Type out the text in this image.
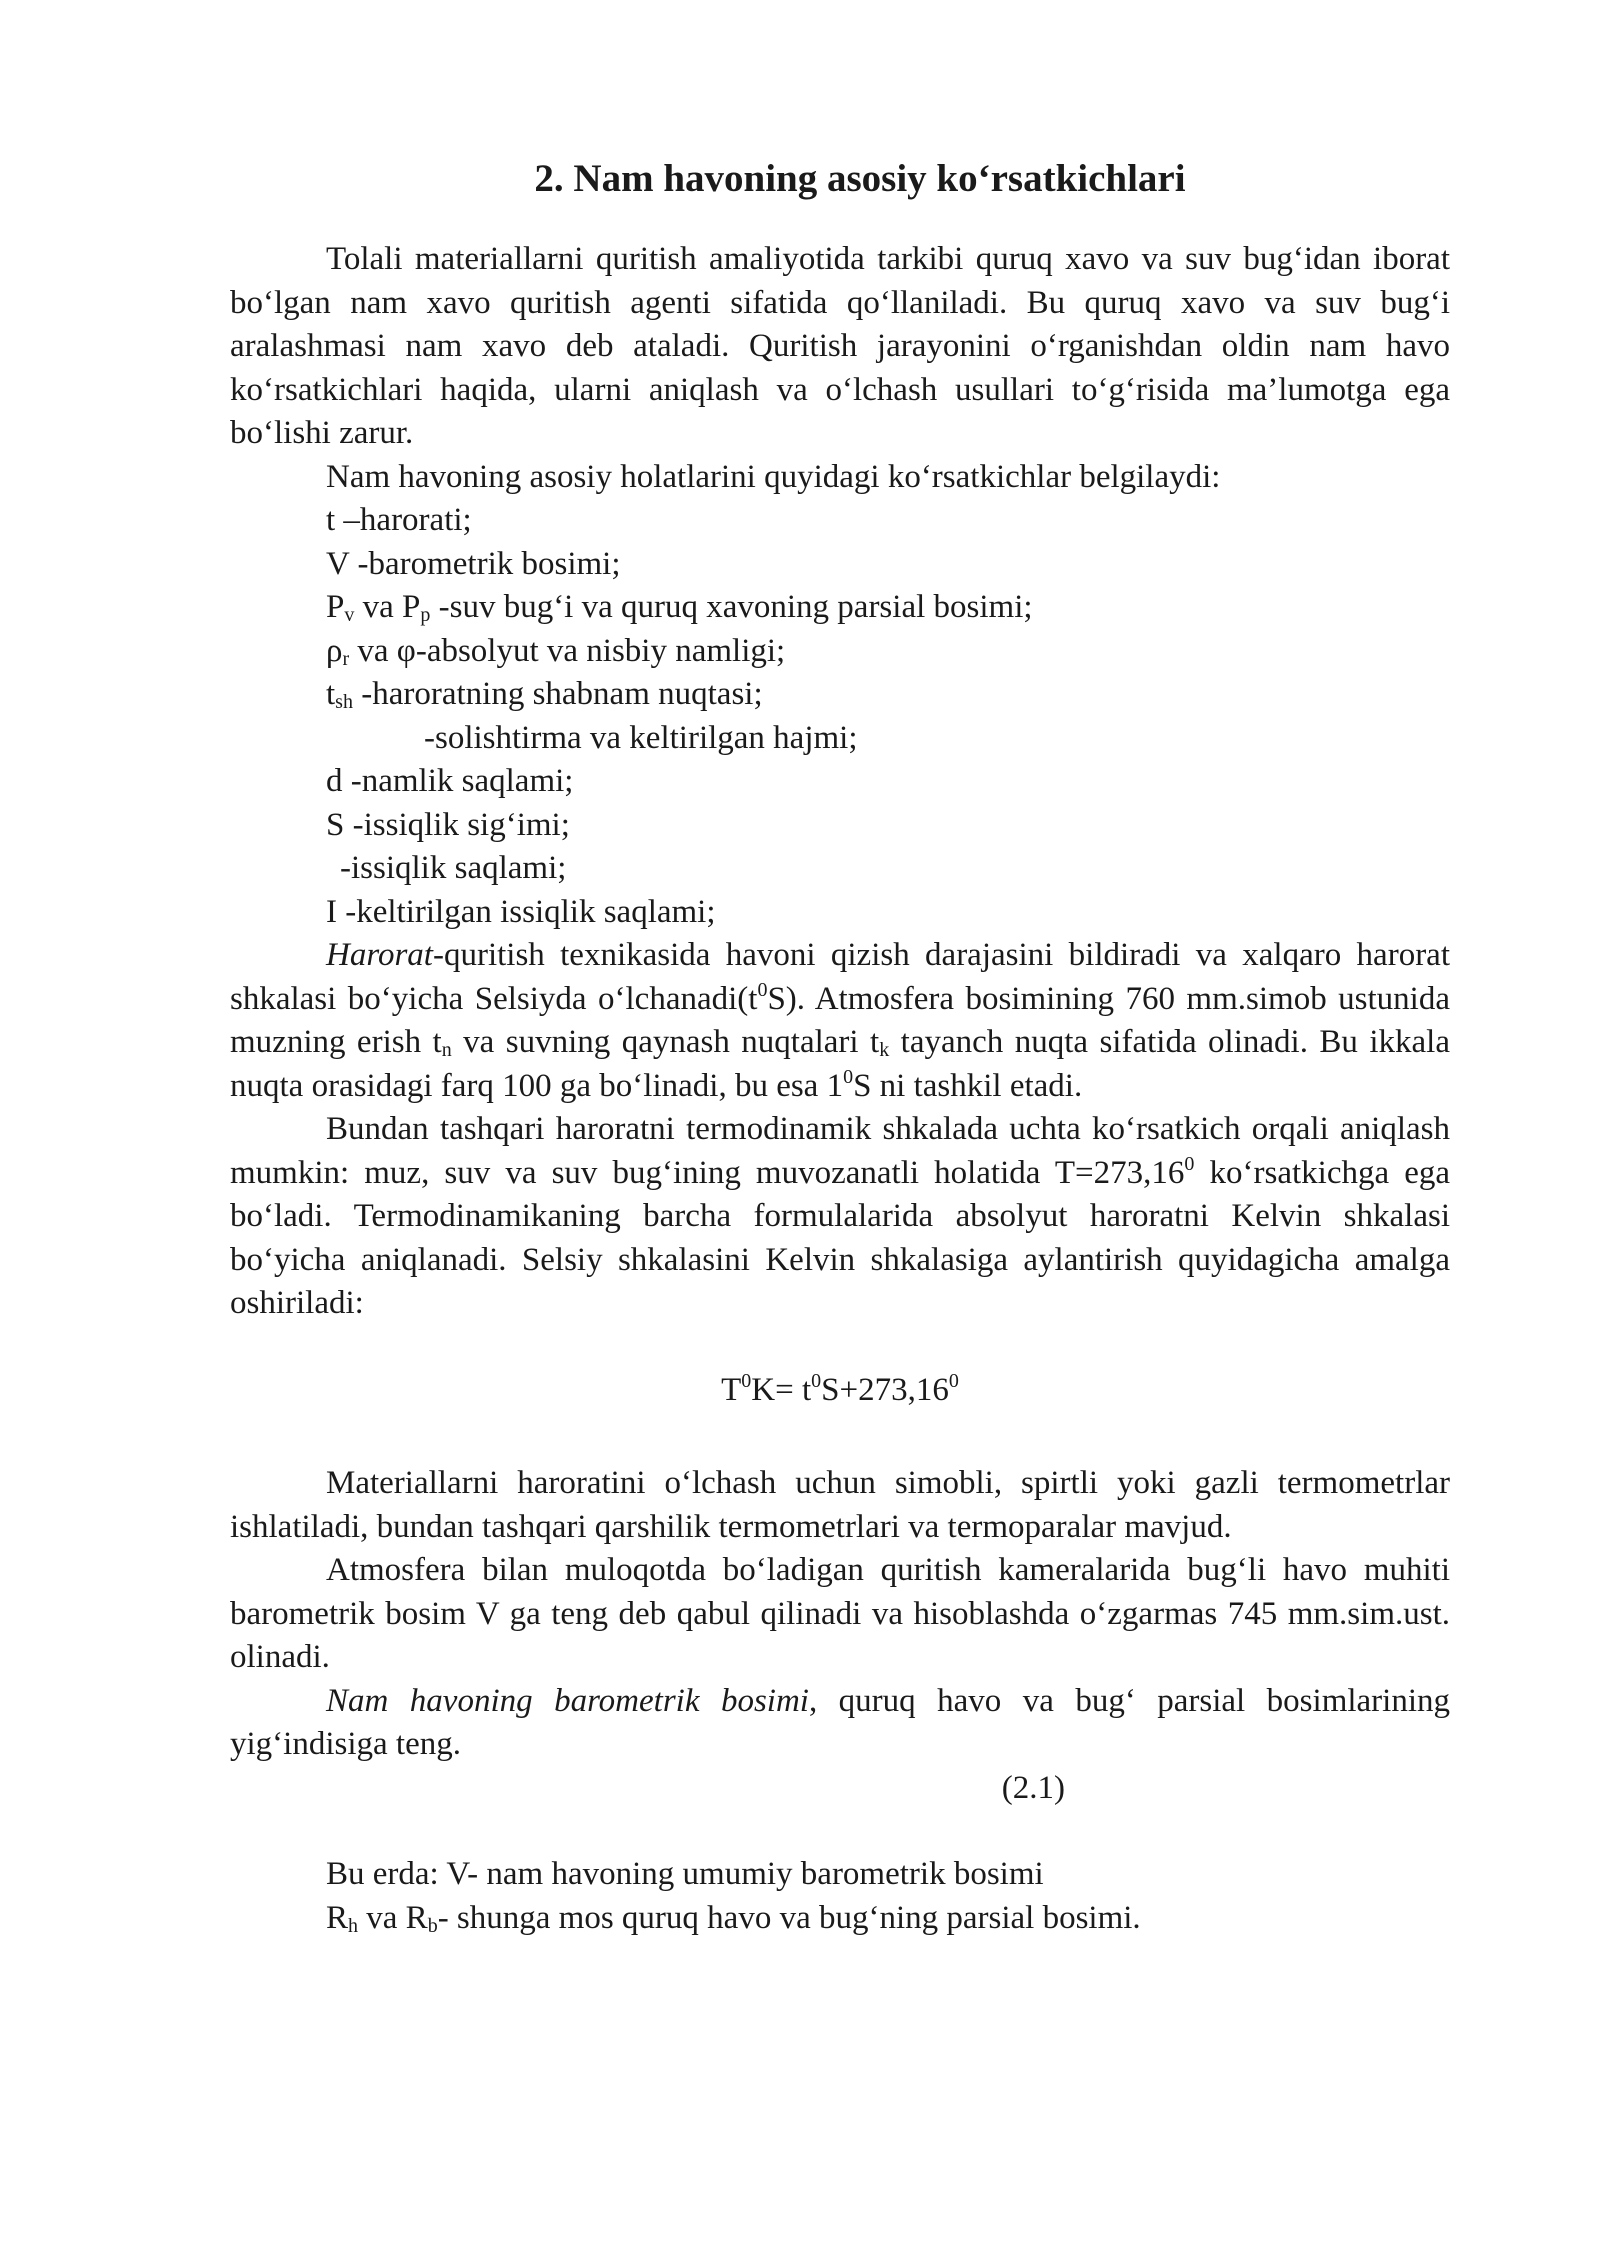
2. Nam havoning asosiy ko‘rsatkichlari

Tolali materiallarni quritish amaliyotida tarkibi quruq xavo va suv bug‘idan iborat bo‘lgan nam xavo quritish agenti sifatida qo‘llaniladi. Bu quruq xavo va suv bug‘i aralashmasi nam xavo deb ataladi. Quritish jarayonini o‘rganishdan oldin nam havo ko‘rsatkichlari haqida, ularni aniqlash va o‘lchash usullari to‘g‘risida ma’lumotga ega bo‘lishi zarur.

Nam havoning asosiy holatlarini quyidagi ko‘rsatkichlar belgilaydi:
t –harorati;
V -barometrik bosimi;
$P_v$ va $P_p$ -suv bug‘i va quruq xavoning parsial bosimi;
$\rho_r$ va φ-absolyut va nisbiy namligi;
$t_{sh}$ -haroratning shabnam nuqtasi;
-solishtirma va keltirilgan hajmi;
d -namlik saqlami;
S -issiqlik sig‘imi;
-issiqlik saqlami;
I -keltirilgan issiqlik saqlami;

Harorat-quritish texnikasida havoni qizish darajasini bildiradi va xalqaro harorat shkalasi bo‘yicha Selsiyda $o‘lchanadi(t^0S)$. Atmosfera bosimining 760 mm.simob ustunida muzning erish $t_n$ va suvning qaynash nuqtalari $t_k$ tayanch nuqta sifatida olinadi. Bu ikkala nuqta orasidagi farq 100 ga bo‘linadi, bu esa $1^0S$ ni tashkil etadi.

Bundan tashqari haroratni termodinamik shkalada uchta ko‘rsatkich orqali aniqlash mumkin: muz, suv va suv bug‘ining muvozanatli holatida $T=273,16^0$ ko‘rsatkichga ega bo‘ladi. Termodinamikaning barcha formulalarida absolyut haroratni Kelvin shkalasi bo‘yicha aniqlanadi. Selsiy shkalasini Kelvin shkalasiga aylantirish quyidagicha amalga oshiriladi:

$T^0K= t^0S+273,16^0$

Materiallarni haroratini o‘lchash uchun simobli, spirtli yoki gazli termometrlar ishlatiladi, bundan tashqari qarshilik termometrlari va termoparalar mavjud.

Atmosfera bilan muloqotda bo‘ladigan quritish kameralarida bug‘li havo muhiti barometrik bosim V ga teng deb qabul qilinadi va hisoblashda o‘zgarmas 745 mm.sim.ust. olinadi.

Nam havoning barometrik bosimi, quruq havo va bug‘ parsial bosimlarining yig‘indisiga teng.

(2.1)
Bu erda: V- nam havoning umumiy barometrik bosimi
$R_h$ va $R_b-$ shunga mos quruq havo va bug‘ning parsial bosimi.
